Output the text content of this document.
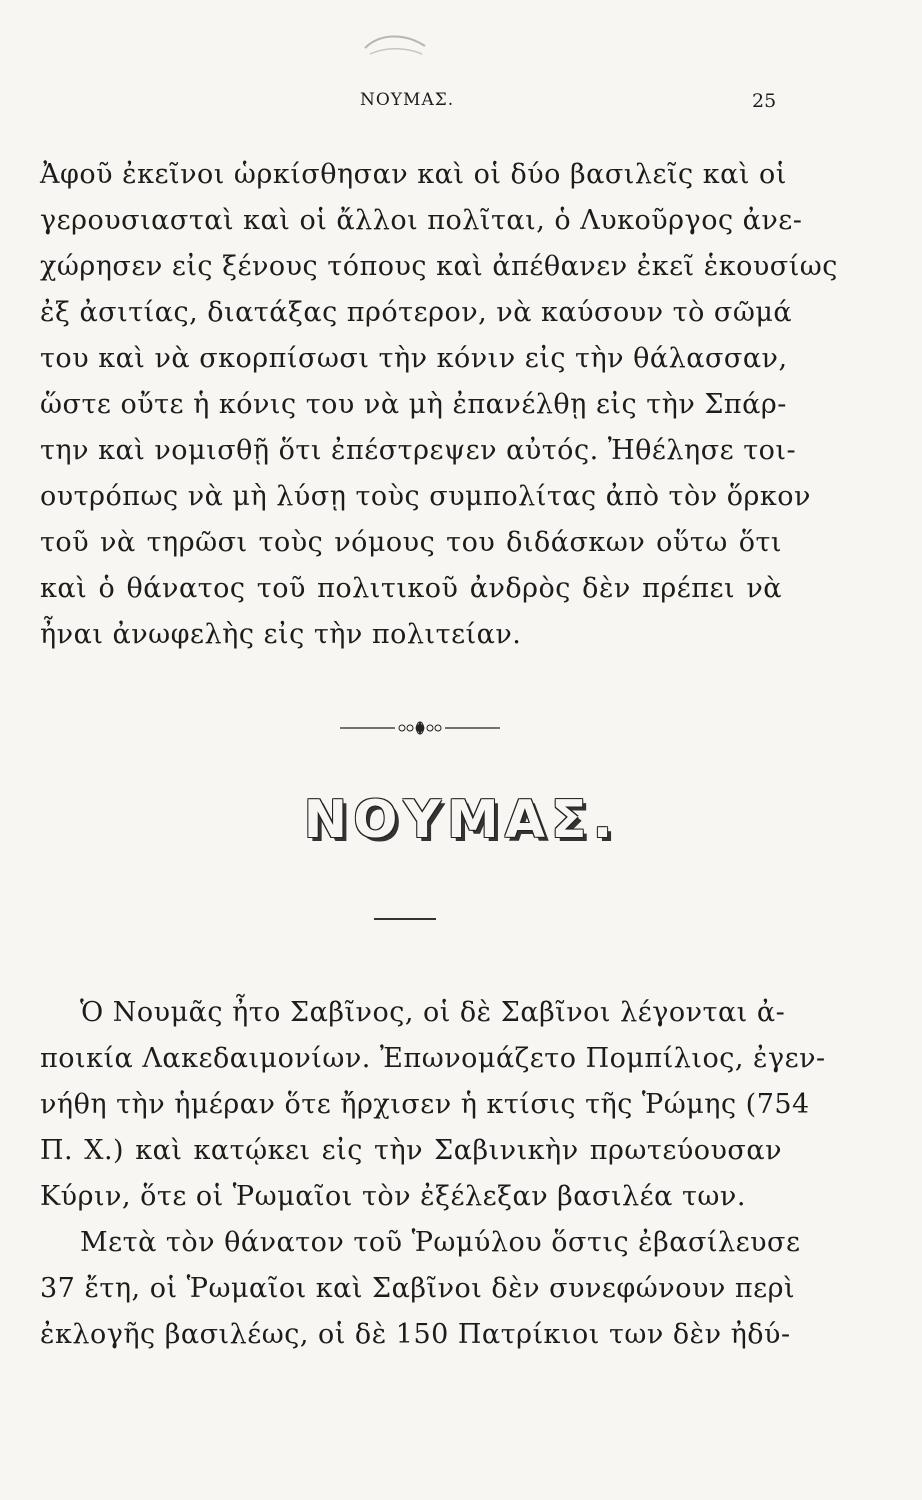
ΝΟΥΜΑΣ.	25
Ἀφοῦ ἐκεῖνοι ὡρκίσθησαν καὶ οἱ δύο βασιλεῖς καὶ οἱ
γερουσιασταὶ καὶ οἱ ἄλλοι πολῖται, ὁ Λυκοῦργος ἀνε-
χώρησεν εἰς ξένους τόπους καὶ ἀπέθανεν ἐκεῖ ἑκουσίως
ἐξ ἀσιτίας, διατάξας πρότερον, νὰ καύσουν τὸ σῶμά
του καὶ νὰ σκορπίσωσι τὴν κόνιν εἰς τὴν θάλασσαν,
ὥστε οὔτε ἡ κόνις του νὰ μὴ ἐπανέλθῃ εἰς τὴν Σπάρ-
την καὶ νομισθῇ ὅτι ἐπέστρεψεν αὐτός. Ἠθέλησε τοι-
ουτρόπως νὰ μὴ λύσῃ τοὺς συμπολίτας ἀπὸ τὸν ὅρκον
τοῦ νὰ τηρῶσι τοὺς νόμους του διδάσκων οὕτω ὅτι
καὶ ὁ θάνατος τοῦ πολιτικοῦ ἀνδρὸς δὲν πρέπει νὰ
ἦναι ἀνωφελὴς εἰς τὴν πολιτείαν.
ΝΟΥΜΑΣ.
Ὁ Νουμᾶς ἦτο Σαβῖνος, οἱ δὲ Σαβῖνοι λέγονται ἀ-
ποικία Λακεδαιμονίων. Ἐπωνομάζετο Πομπίλιος, ἐγεν-
νήθη τὴν ἡμέραν ὅτε ἤρχισεν ἡ κτίσις τῆς Ῥώμης (754
Π. Χ.) καὶ κατῴκει εἰς τὴν Σαβινικὴν πρωτεύουσαν
Κύριν, ὅτε οἱ Ῥωμαῖοι τὸν ἐξέλεξαν βασιλέα των.
Μετὰ τὸν θάνατον τοῦ Ῥωμύλου ὅστις ἐβασίλευσε
37 ἔτη, οἱ Ῥωμαῖοι καὶ Σαβῖνοι δὲν συνεφώνουν περὶ
ἐκλογῆς βασιλέως, οἱ δὲ 150 Πατρίκιοι των δὲν ἠδύ-
